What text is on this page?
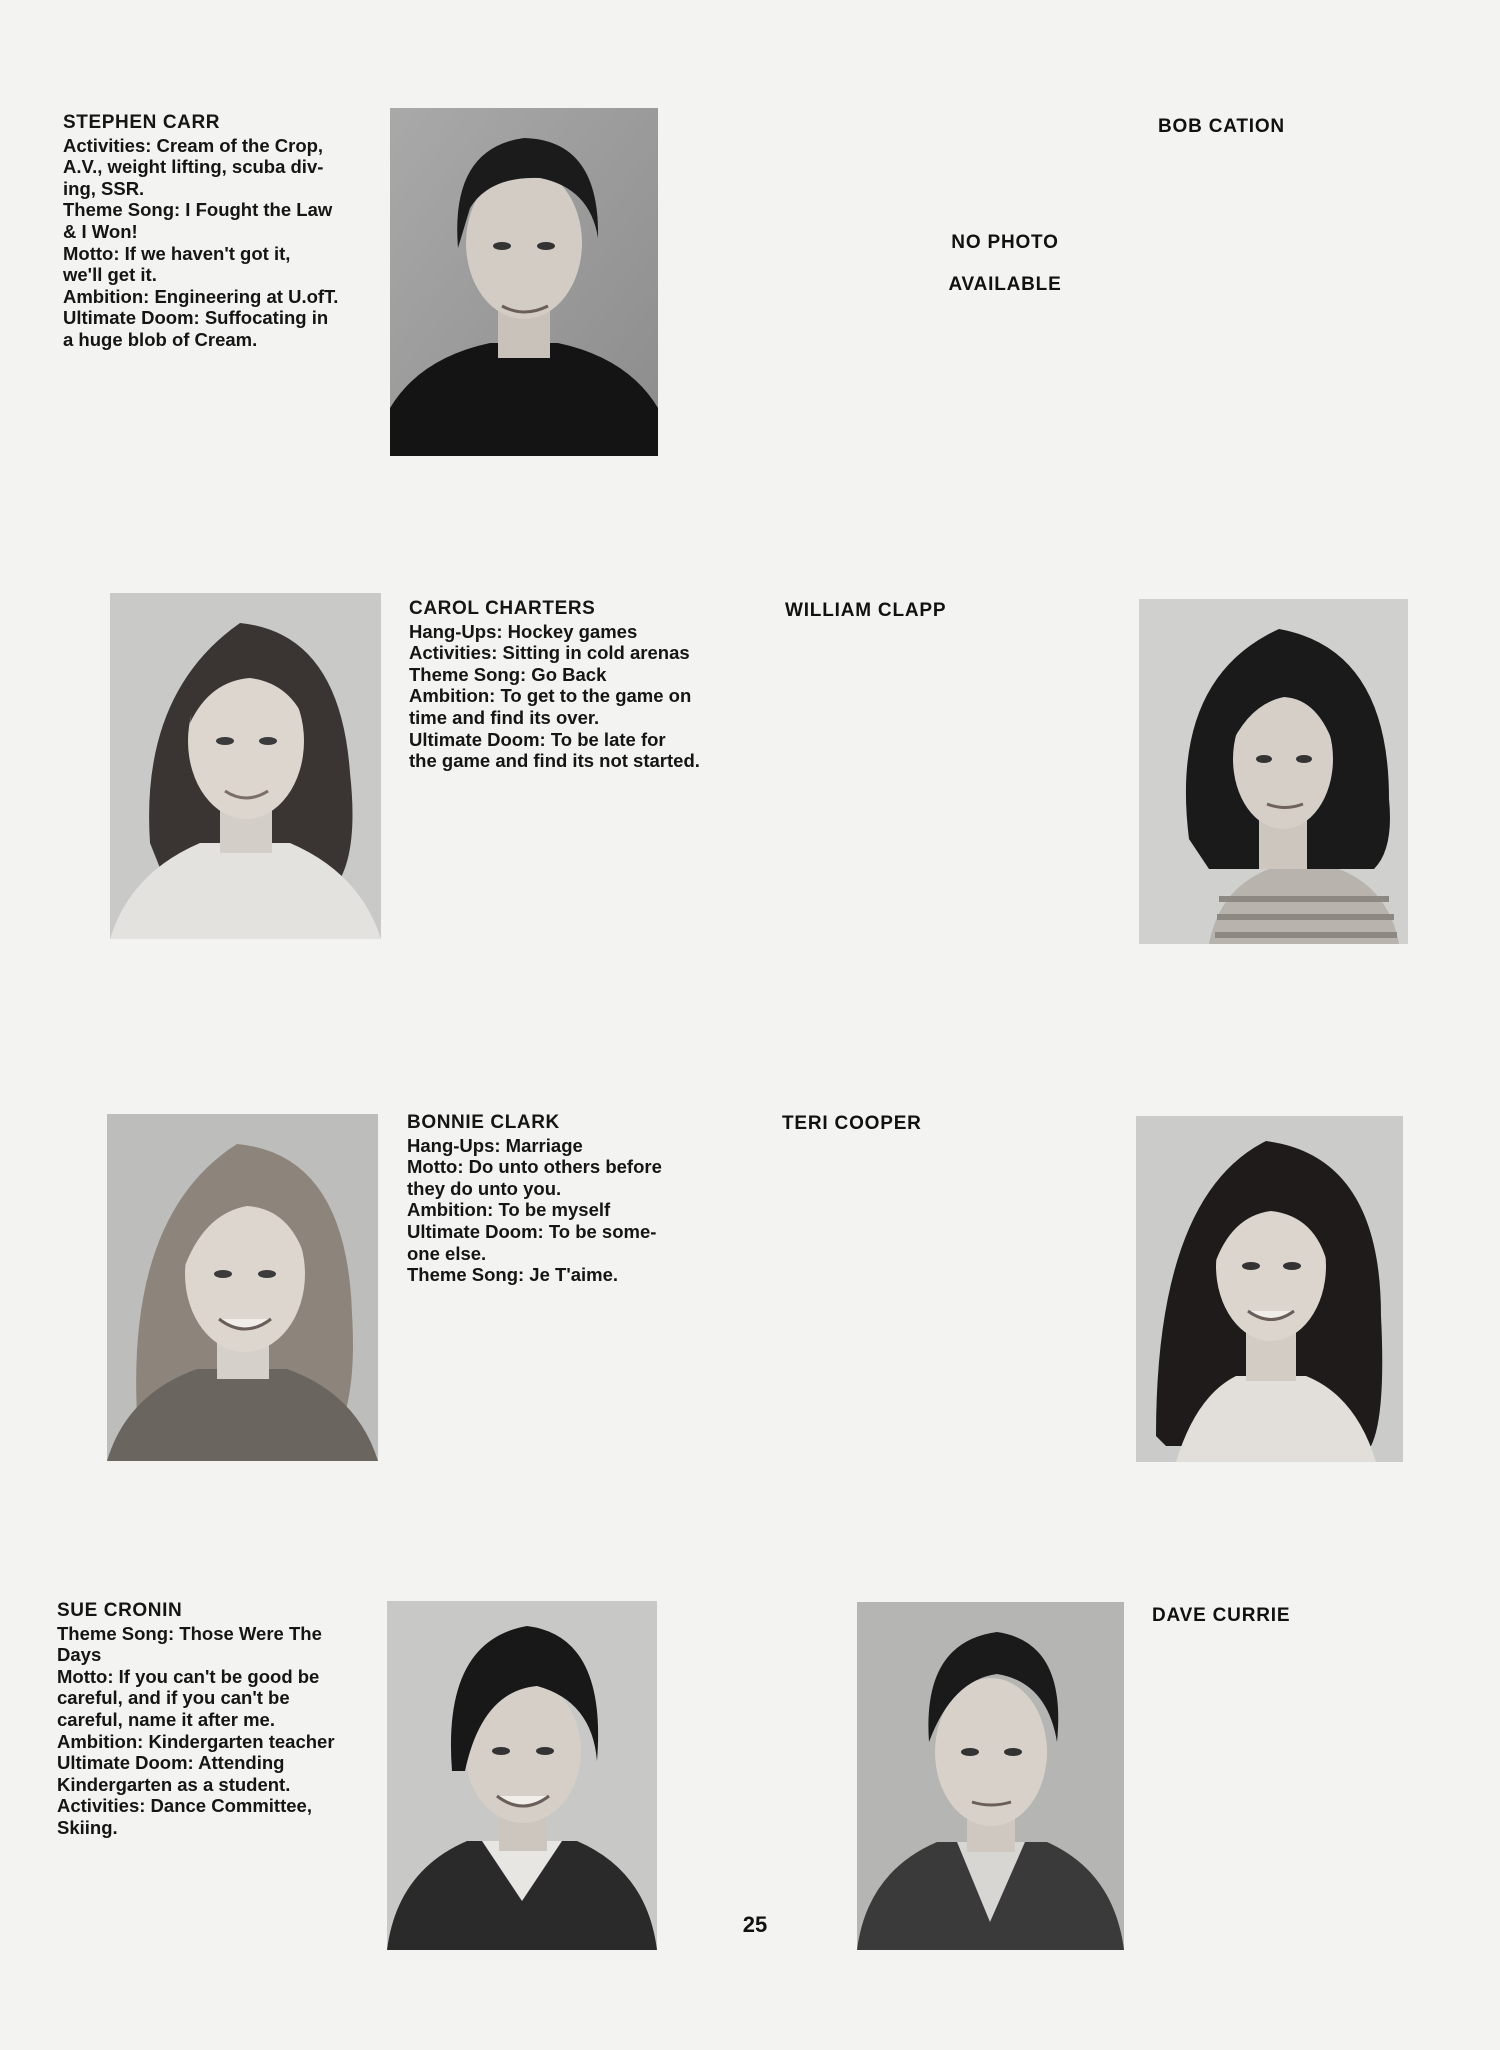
STEPHEN CARR
Activities: Cream of the Crop,
A.V., weight lifting, scuba div-
ing, SSR.
Theme Song: I Fought the Law
& I Won!
Motto: If we haven't got it,
we'll get it.
Ambition: Engineering at U.ofT.
Ultimate Doom: Suffocating in
a huge blob of Cream.
NO PHOTO
AVAILABLE
BOB CATION
CAROL CHARTERS
Hang-Ups: Hockey games
Activities: Sitting in cold arenas
Theme Song: Go Back
Ambition: To get to the game on
time and find its over.
Ultimate Doom: To be late for
the game and find its not started.
WILLIAM CLAPP
BONNIE CLARK
Hang-Ups: Marriage
Motto: Do unto others before
they do unto you.
Ambition: To be myself
Ultimate Doom: To be some-
one else.
Theme Song: Je T'aime.
TERI COOPER
SUE CRONIN
Theme Song: Those Were The
Days
Motto: If you can't be good be
careful, and if you can't be
careful, name it after me.
Ambition: Kindergarten teacher
Ultimate Doom: Attending
Kindergarten as a student.
Activities: Dance Committee,
Skiing.
DAVE CURRIE
25
